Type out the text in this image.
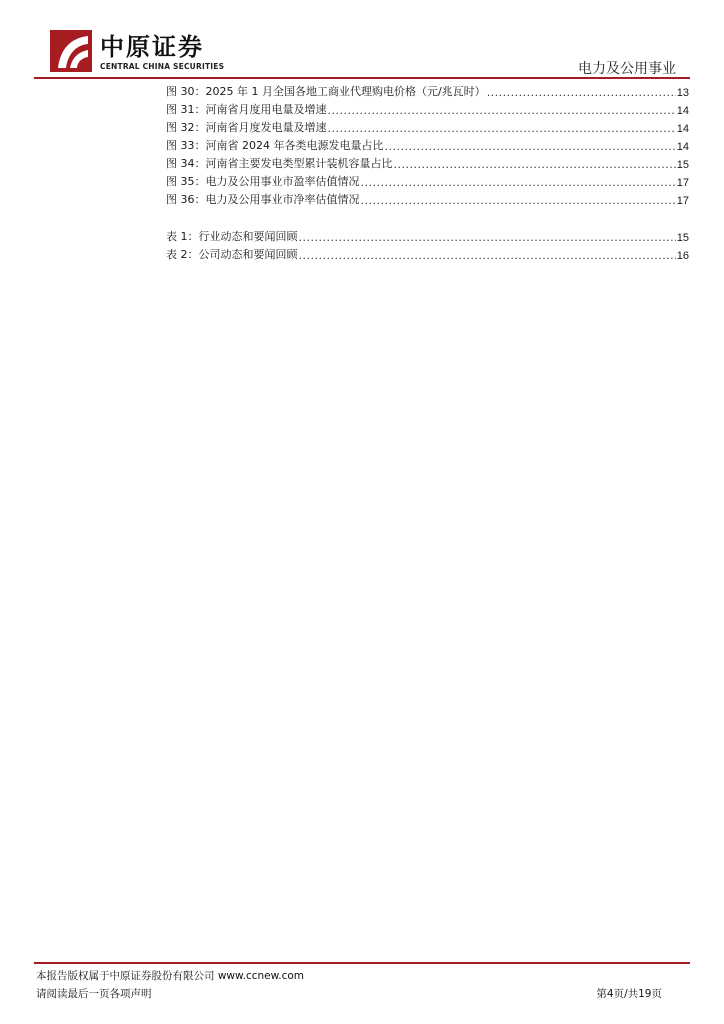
中原证券
CENTRAL CHINA SECURITIES	电力及公用事业
图 30：2025 年 1 月全国各地工商业代理购电价格（元/兆瓦时） .....	13
图 31：河南省月度用电量及增速 .....	14
图 32：河南省月度发电量及增速 .....	14
图 33：河南省 2024 年各类电源发电量占比 .....	14
图 34：河南省主要发电类型累计装机容量占比 .....	15
图 35：电力及公用事业市盈率估值情况 .....	17
图 36：电力及公用事业市净率估值情况 .....	17
表 1：行业动态和要闻回顾 .....	15
表 2：公司动态和要闻回顾 .....	16
本报告版权属于中原证券股份有限公司 www.ccnew.com
请阅读最后一页各项声明	第4页/共19页
